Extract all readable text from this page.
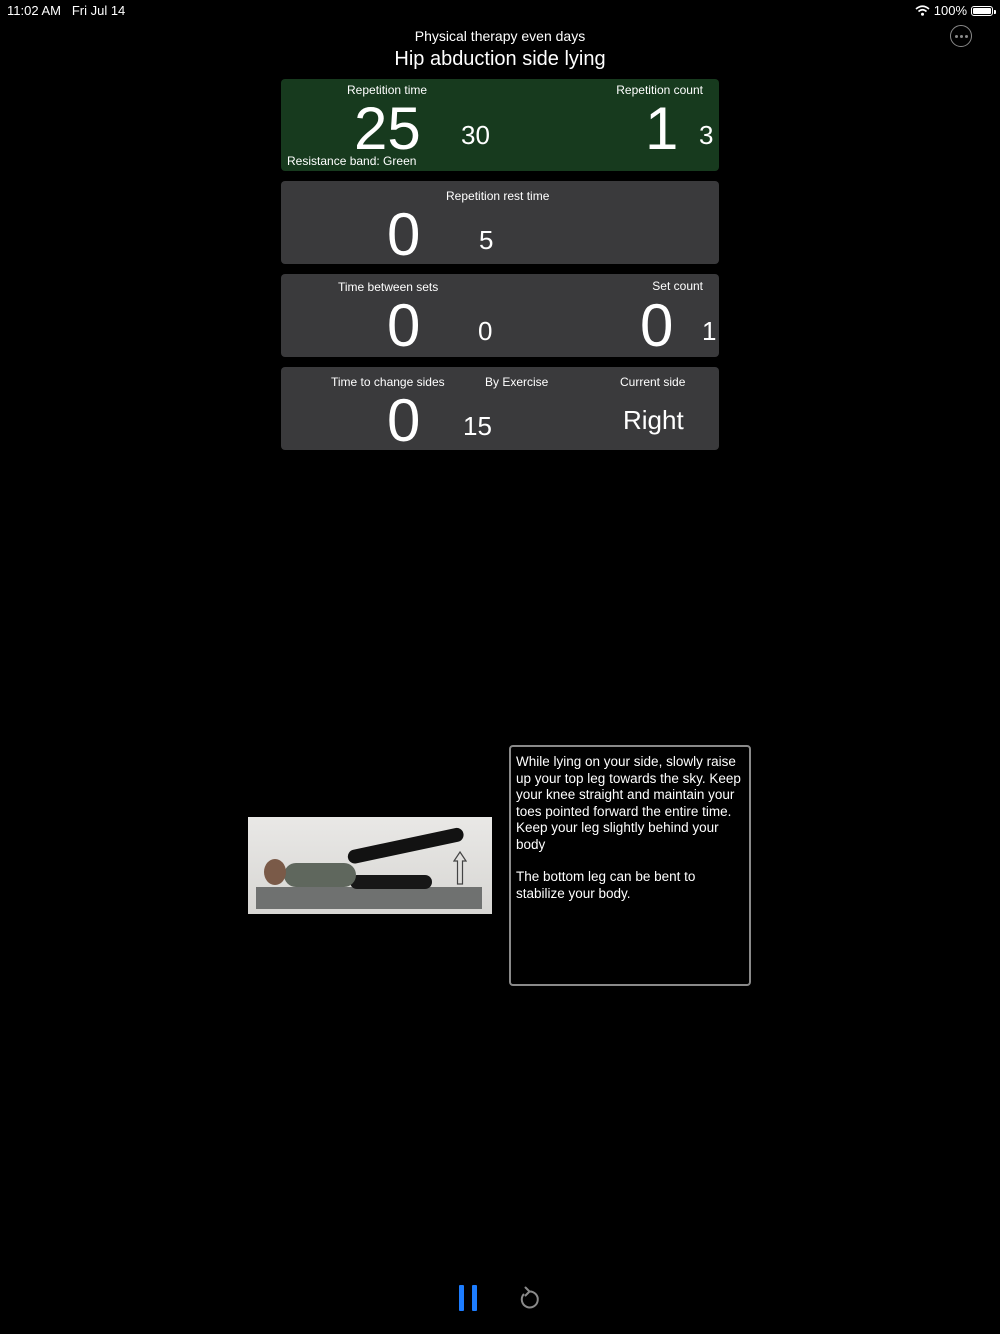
11:02 AM Fri Jul 14	100%
Physical therapy even days
Hip abduction side lying
Repetition time
25 30
Repetition count
1 3
Resistance band: Green
Repetition rest time
0 5
Time between sets
0 0
Set count
0 1
Time to change sides	By Exercise
0 15
Current side
Right

While lying on your side, slowly raise up your top leg towards the sky. Keep your knee straight and maintain your toes pointed forward the entire time. Keep your leg slightly behind your body

The bottom leg can be bent to stabilize your body.
